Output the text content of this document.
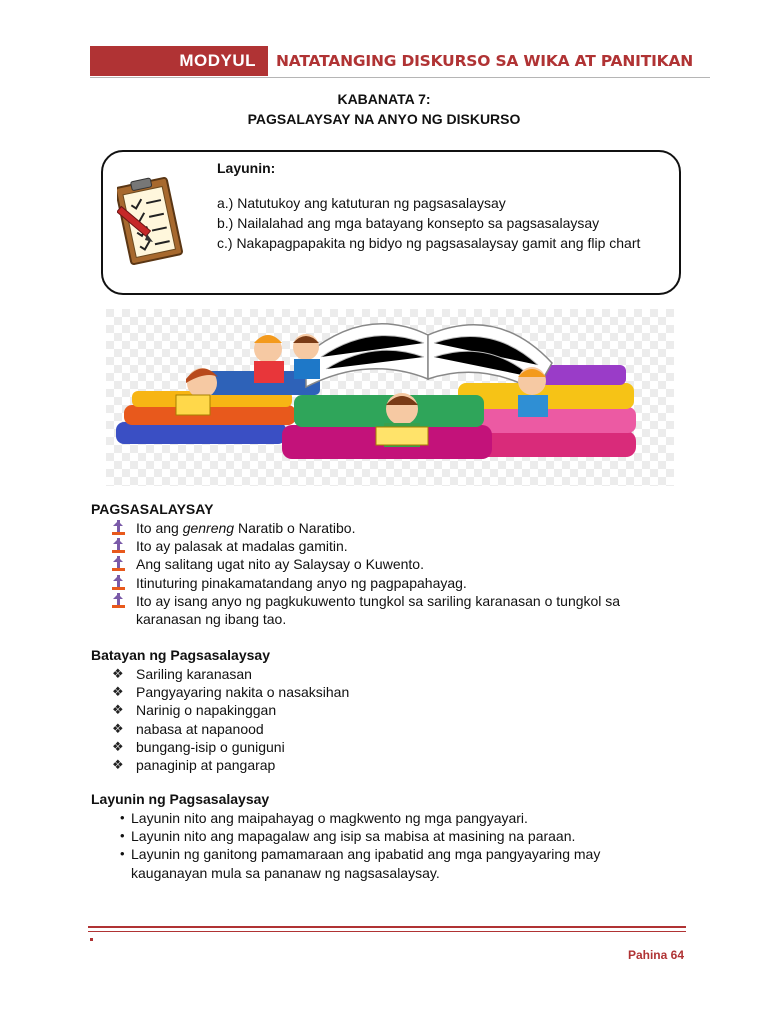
MODYUL	NATATANGING DISKURSO SA WIKA AT PANITIKAN
KABANATA 7:
PAGSALAYSAY NA ANYO NG DISKURSO
Layunin:
a.) Natutukoy ang katuturan ng pagsasalaysay
b.) Nailalahad ang mga batayang konsepto sa pagsasalaysay
c.) Nakapagpapakita ng bidyo ng pagsasalaysay gamit ang flip chart
PAGSASALAYSAY
Ito ang genreng Naratib o Naratibo.
Ito ay palasak at madalas gamitin.
Ang salitang ugat nito ay Salaysay o Kuwento.
Itinuturing pinakamatandang anyo ng pagpapahayag.
Ito ay isang anyo ng pagkukuwento tungkol sa sariling karanasan o tungkol sa
karanasan ng ibang tao.
Batayan ng Pagsasalaysay
❖ Sariling karanasan
❖ Pangyayaring nakita o nasaksihan
❖ Narinig o napakinggan
❖ nabasa at napanood
❖ bungang-isip o guniguni
❖ panaginip at pangarap
Layunin ng Pagsasalaysay
• Layunin nito ang maipahayag o magkwento ng mga pangyayari.
• Layunin nito ang mapagalaw ang isip sa mabisa at masining na paraan.
• Layunin ng ganitong pamamaraan ang ipabatid ang mga pangyayaring may
kauganayan mula sa pananaw ng nagsasalaysay.
Pahina 64
